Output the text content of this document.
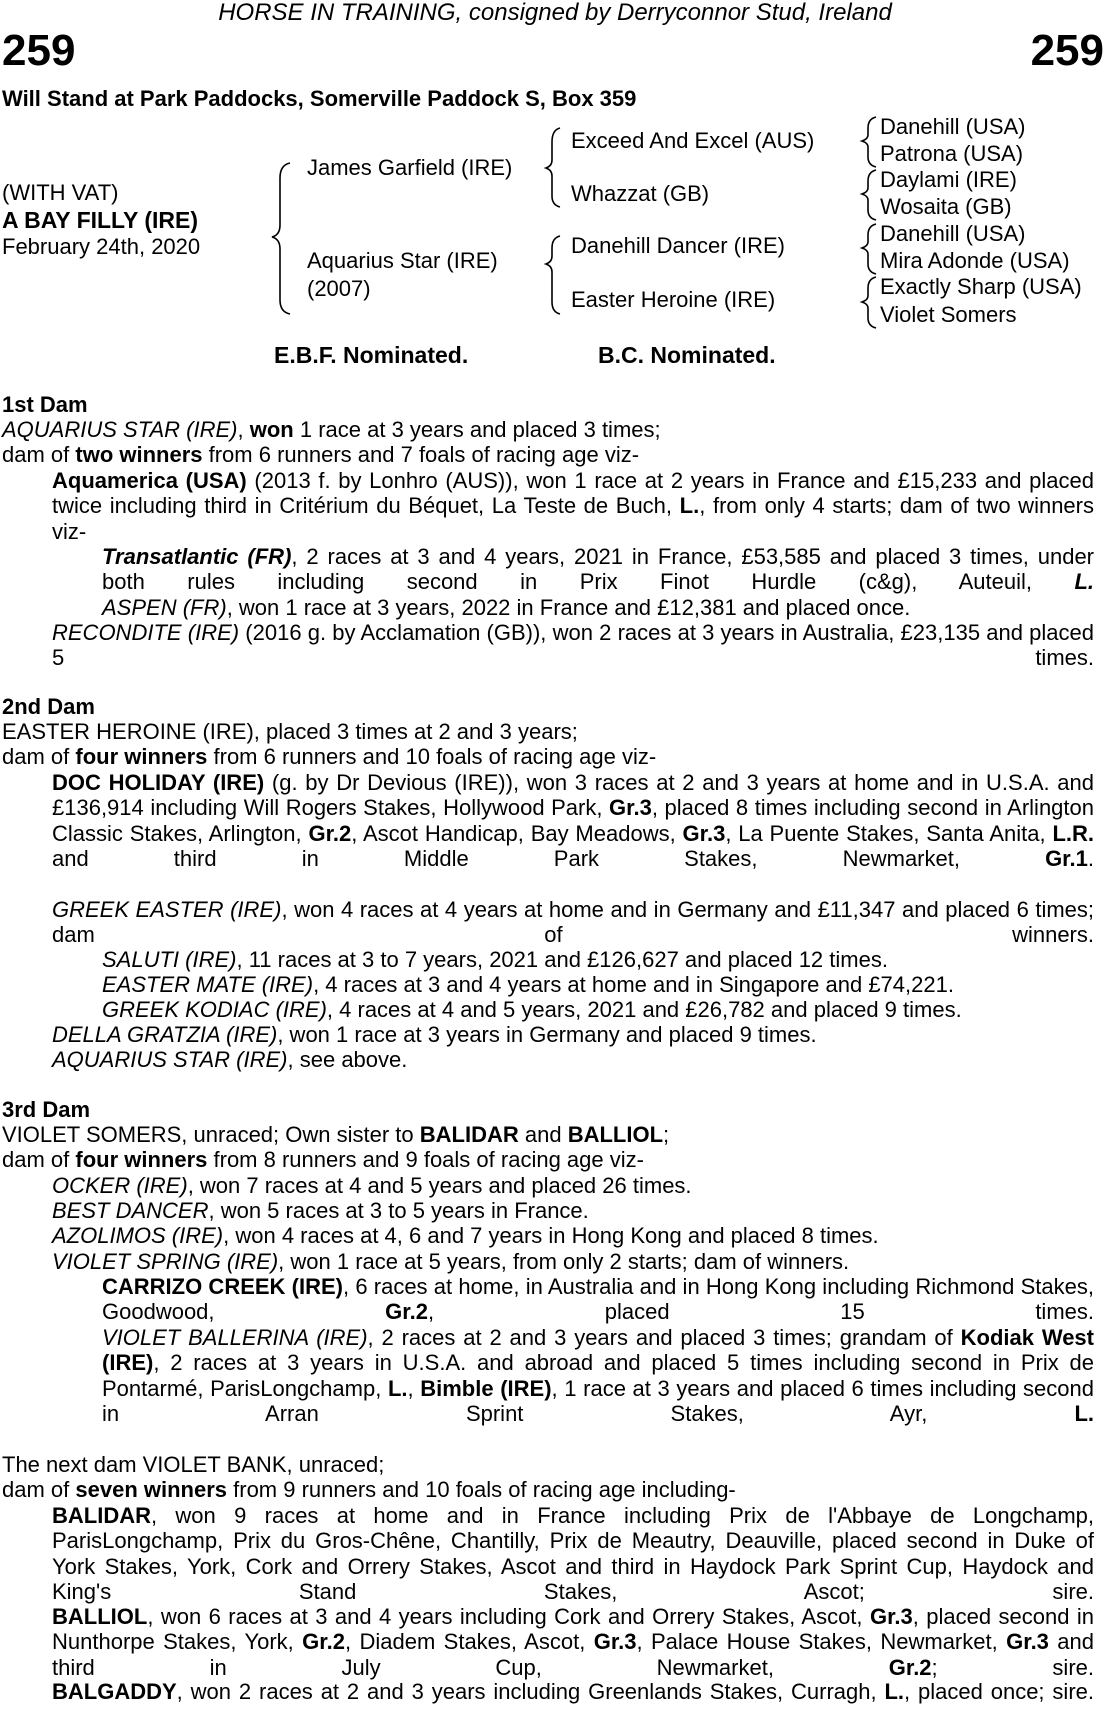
HORSE IN TRAINING, consigned by Derryconnor Stud, Ireland
259	259
Will Stand at Park Paddocks, Somerville Paddock S, Box 359
(WITH VAT)
A BAY FILLY (IRE)
February 24th, 2020
James Garfield (IRE)
Aquarius Star (IRE)
(2007)
Exceed And Excel (AUS)
Whazzat (GB)
Danehill Dancer (IRE)
Easter Heroine (IRE)
Danehill (USA)
Patrona (USA)
Daylami (IRE)
Wosaita (GB)
Danehill (USA)
Mira Adonde (USA)
Exactly Sharp (USA)
Violet Somers
E.B.F. Nominated.	B.C. Nominated.
1st Dam
AQUARIUS STAR (IRE), won 1 race at 3 years and placed 3 times;
dam of two winners from 6 runners and 7 foals of racing age viz-
Aquamerica (USA) (2013 f. by Lonhro (AUS)), won 1 race at 2 years in France and £15,233 and placed twice including third in Critérium du Béquet, La Teste de Buch, L., from only 4 starts; dam of two winners viz-
Transatlantic (FR), 2 races at 3 and 4 years, 2021 in France, £53,585 and placed 3 times, under both rules including second in Prix Finot Hurdle (c&g), Auteuil, L.
ASPEN (FR), won 1 race at 3 years, 2022 in France and £12,381 and placed once.
RECONDITE (IRE) (2016 g. by Acclamation (GB)), won 2 races at 3 years in Australia, £23,135 and placed 5 times.
2nd Dam
EASTER HEROINE (IRE), placed 3 times at 2 and 3 years;
dam of four winners from 6 runners and 10 foals of racing age viz-
DOC HOLIDAY (IRE) (g. by Dr Devious (IRE)), won 3 races at 2 and 3 years at home and in U.S.A. and £136,914 including Will Rogers Stakes, Hollywood Park, Gr.3, placed 8 times including second in Arlington Classic Stakes, Arlington, Gr.2, Ascot Handicap, Bay Meadows, Gr.3, La Puente Stakes, Santa Anita, L.R. and third in Middle Park Stakes, Newmarket, Gr.1.
GREEK EASTER (IRE), won 4 races at 4 years at home and in Germany and £11,347 and placed 6 times; dam of winners.
SALUTI (IRE), 11 races at 3 to 7 years, 2021 and £126,627 and placed 12 times.
EASTER MATE (IRE), 4 races at 3 and 4 years at home and in Singapore and £74,221.
GREEK KODIAC (IRE), 4 races at 4 and 5 years, 2021 and £26,782 and placed 9 times.
DELLA GRATZIA (IRE), won 1 race at 3 years in Germany and placed 9 times.
AQUARIUS STAR (IRE), see above.
3rd Dam
VIOLET SOMERS, unraced; Own sister to BALIDAR and BALLIOL;
dam of four winners from 8 runners and 9 foals of racing age viz-
OCKER (IRE), won 7 races at 4 and 5 years and placed 26 times.
BEST DANCER, won 5 races at 3 to 5 years in France.
AZOLIMOS (IRE), won 4 races at 4, 6 and 7 years in Hong Kong and placed 8 times.
VIOLET SPRING (IRE), won 1 race at 5 years, from only 2 starts; dam of winners.
CARRIZO CREEK (IRE), 6 races at home, in Australia and in Hong Kong including Richmond Stakes, Goodwood, Gr.2, placed 15 times.
VIOLET BALLERINA (IRE), 2 races at 2 and 3 years and placed 3 times; grandam of Kodiak West (IRE), 2 races at 3 years in U.S.A. and abroad and placed 5 times including second in Prix de Pontarmé, ParisLongchamp, L., Bimble (IRE), 1 race at 3 years and placed 6 times including second in Arran Sprint Stakes, Ayr, L.
The next dam VIOLET BANK, unraced;
dam of seven winners from 9 runners and 10 foals of racing age including-
BALIDAR, won 9 races at home and in France including Prix de l'Abbaye de Longchamp, ParisLongchamp, Prix du Gros-Chêne, Chantilly, Prix de Meautry, Deauville, placed second in Duke of York Stakes, York, Cork and Orrery Stakes, Ascot and third in Haydock Park Sprint Cup, Haydock and King's Stand Stakes, Ascot; sire.
BALLIOL, won 6 races at 3 and 4 years including Cork and Orrery Stakes, Ascot, Gr.3, placed second in Nunthorpe Stakes, York, Gr.2, Diadem Stakes, Ascot, Gr.3, Palace House Stakes, Newmarket, Gr.3 and third in July Cup, Newmarket, Gr.2; sire.
BALGADDY, won 2 races at 2 and 3 years including Greenlands Stakes, Curragh, L., placed once; sire.
